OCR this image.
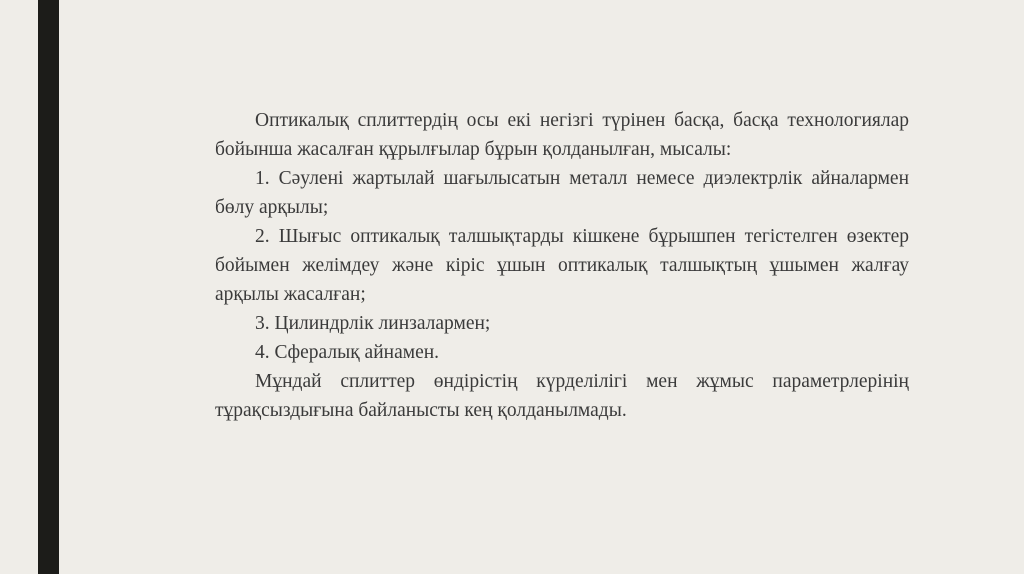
Оптикалық сплиттердің осы екі негізгі түрінен басқа, басқа технологиялар бойынша жасалған құрылғылар бұрын қолданылған, мысалы:

1. Сәулені жартылай шағылысатын металл немесе диэлектрлік айналармен бөлу арқылы;

2. Шығыс оптикалық талшықтарды кішкене бұрышпен тегістелген өзектер бойымен желімдеу және кіріс ұшын оптикалық талшықтың ұшымен жалғау арқылы жасалған;

3. Цилиндрлік линзалармен;

4. Сфералық айнамен.

Мұндай сплиттер өндірістің күрделілігі мен жұмыс параметрлерінің тұрақсыздығына байланысты кең қолданылмады.
